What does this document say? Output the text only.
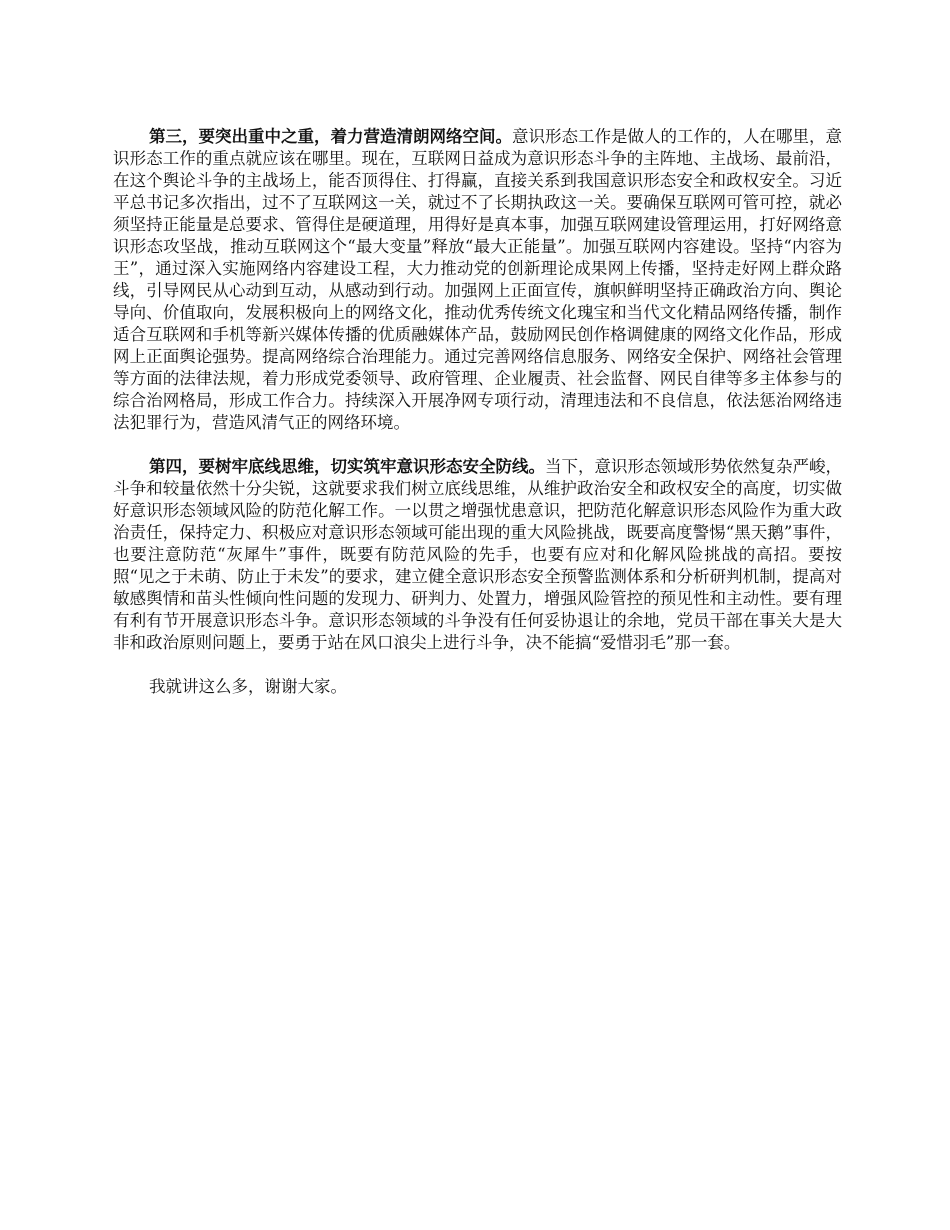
第三，要突出重中之重，着力营造清朗网络空间。意识形态工作是做人的工作的，人在哪里，意识形态工作的重点就应该在哪里。现在，互联网日益成为意识形态斗争的主阵地、主战场、最前沿，在这个舆论斗争的主战场上，能否顶得住、打得赢，直接关系到我国意识形态安全和政权安全。习近平总书记多次指出，过不了互联网这一关，就过不了长期执政这一关。要确保互联网可管可控，就必须坚持正能量是总要求、管得住是硬道理，用得好是真本事，加强互联网建设管理运用，打好网络意识形态攻坚战，推动互联网这个“最大变量”释放“最大正能量”。加强互联网内容建设。坚持“内容为王”，通过深入实施网络内容建设工程，大力推动党的创新理论成果网上传播，坚持走好网上群众路线，引导网民从心动到互动，从感动到行动。加强网上正面宣传，旗帜鲜明坚持正确政治方向、舆论导向、价值取向，发展积极向上的网络文化，推动优秀传统文化瑰宝和当代文化精品网络传播，制作适合互联网和手机等新兴媒体传播的优质融媒体产品，鼓励网民创作格调健康的网络文化作品，形成网上正面舆论强势。提高网络综合治理能力。通过完善网络信息服务、网络安全保护、网络社会管理等方面的法律法规，着力形成党委领导、政府管理、企业履责、社会监督、网民自律等多主体参与的综合治网格局，形成工作合力。持续深入开展净网专项行动，清理违法和不良信息，依法惩治网络违法犯罪行为，营造风清气正的网络环境。

第四，要树牢底线思维，切实筑牢意识形态安全防线。当下，意识形态领域形势依然复杂严峻，斗争和较量依然十分尖锐，这就要求我们树立底线思维，从维护政治安全和政权安全的高度，切实做好意识形态领域风险的防范化解工作。一以贯之增强忧患意识，把防范化解意识形态风险作为重大政治责任，保持定力、积极应对意识形态领域可能出现的重大风险挑战，既要高度警惕“黑天鹅”事件，也要注意防范“灰犀牛”事件，既要有防范风险的先手，也要有应对和化解风险挑战的高招。要按照“见之于未萌、防止于未发”的要求，建立健全意识形态安全预警监测体系和分析研判机制，提高对敏感舆情和苗头性倾向性问题的发现力、研判力、处置力，增强风险管控的预见性和主动性。要有理有利有节开展意识形态斗争。意识形态领域的斗争没有任何妥协退让的余地，党员干部在事关大是大非和政治原则问题上，要勇于站在风口浪尖上进行斗争，决不能搞“爱惜羽毛”那一套。

我就讲这么多，谢谢大家。
